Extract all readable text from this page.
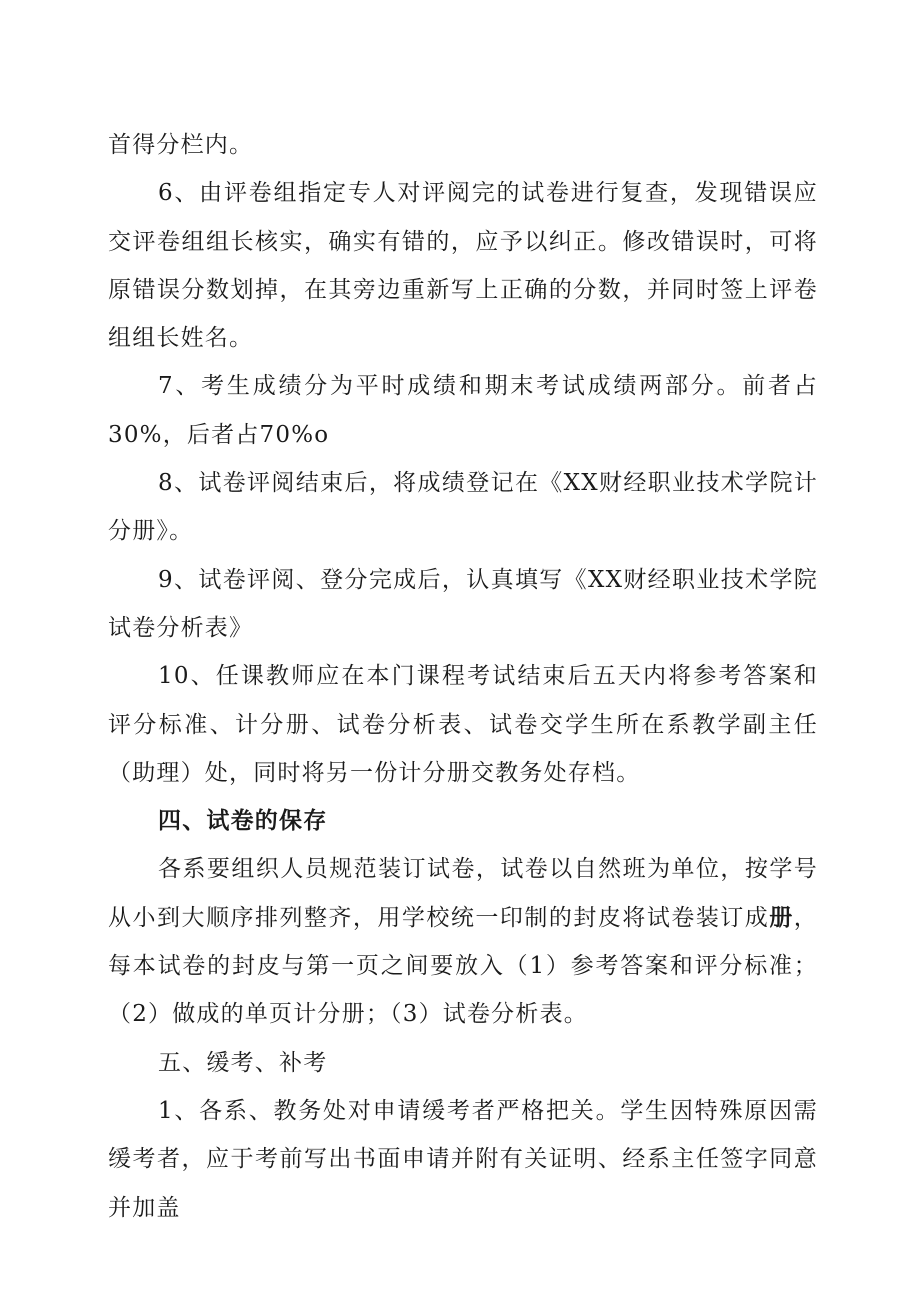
首得分栏内。

6、由评卷组指定专人对评阅完的试卷进行复查，发现错误应交评卷组组长核实，确实有错的，应予以纠正。修改错误时，可将原错误分数划掉，在其旁边重新写上正确的分数，并同时签上评卷组组长姓名。

7、考生成绩分为平时成绩和期末考试成绩两部分。前者占30%，后者占70%o

8、试卷评阅结束后，将成绩登记在《XX财经职业技术学院计分册》。

9、试卷评阅、登分完成后，认真填写《XX财经职业技术学院试卷分析表》

10、任课教师应在本门课程考试结束后五天内将参考答案和评分标准、计分册、试卷分析表、试卷交学生所在系教学副主任（助理）处，同时将另一份计分册交教务处存档。

四、试卷的保存

各系要组织人员规范装订试卷，试卷以自然班为单位，按学号从小到大顺序排列整齐，用学校统一印制的封皮将试卷装订成册，每本试卷的封皮与第一页之间要放入（1）参考答案和评分标准；（2）做成的单页计分册；（3）试卷分析表。

五、缓考、补考

1、各系、教务处对申请缓考者严格把关。学生因特殊原因需缓考者，应于考前写出书面申请并附有关证明、经系主任签字同意并加盖
